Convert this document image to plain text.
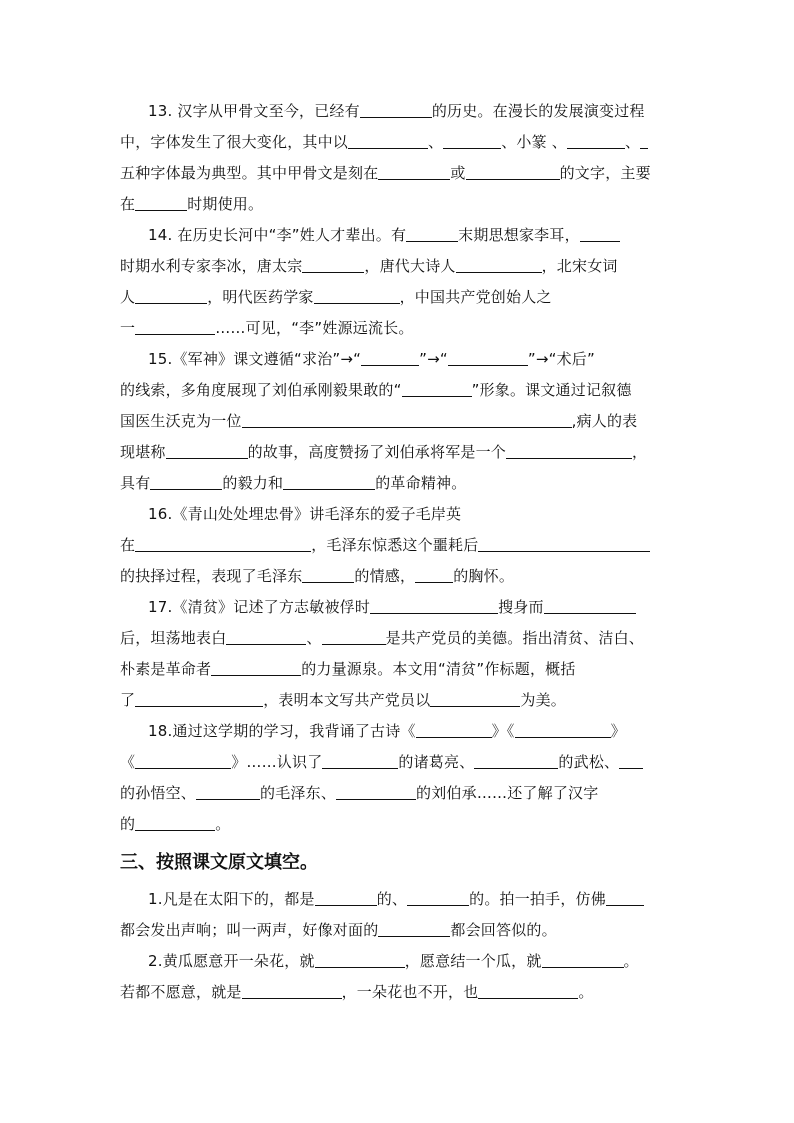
13. 汉字从甲骨文至今，已经有	的历史。在漫长的发展演变过程
中，字体发生了很大变化，其中以	、	、小篆 、	、
五种字体最为典型。其中甲骨文是刻在	或	的文字，主要
在	时期使用。
14. 在历史长河中“李”姓人才辈出。有	末期思想家李耳，
时期水利专家李冰，唐太宗	，唐代大诗人	，北宋女词
人	，明代医药学家	，中国共产党创始人之
一	……可见，“李”姓源远流长。
15.《军神》课文遵循“求治”→“	”→“	”→“术后”
的线索，多角度展现了刘伯承刚毅果敢的“	”形象。课文通过记叙德
国医生沃克为一位	,病人的表
现堪称	的故事，高度赞扬了刘伯承将军是一个	，
具有	的毅力和	的革命精神。
16.《青山处处埋忠骨》讲毛泽东的爱子毛岸英
在	，毛泽东惊悉这个噩耗后
的抉择过程，表现了毛泽东	的情感，	的胸怀。
17.《清贫》记述了方志敏被俘时	搜身而
后，坦荡地表白	、	是共产党员的美德。指出清贫、洁白、
朴素是革命者	的力量源泉。本文用“清贫”作标题，概括
了	，表明本文写共产党员以	为美。
18.通过这学期的学习，我背诵了古诗《	》《	》
《	》……认识了	的诸葛亮、	的武松、
的孙悟空、	的毛泽东、	的刘伯承……还了解了汉字
的	。
三、按照课文原文填空。
1.凡是在太阳下的，都是	的、	的。拍一拍手，仿佛
都会发出声响；叫一两声，好像对面的	都会回答似的。
2.黄瓜愿意开一朵花，就	，愿意结一个瓜，就	。
若都不愿意，就是	，一朵花也不开，也	。
